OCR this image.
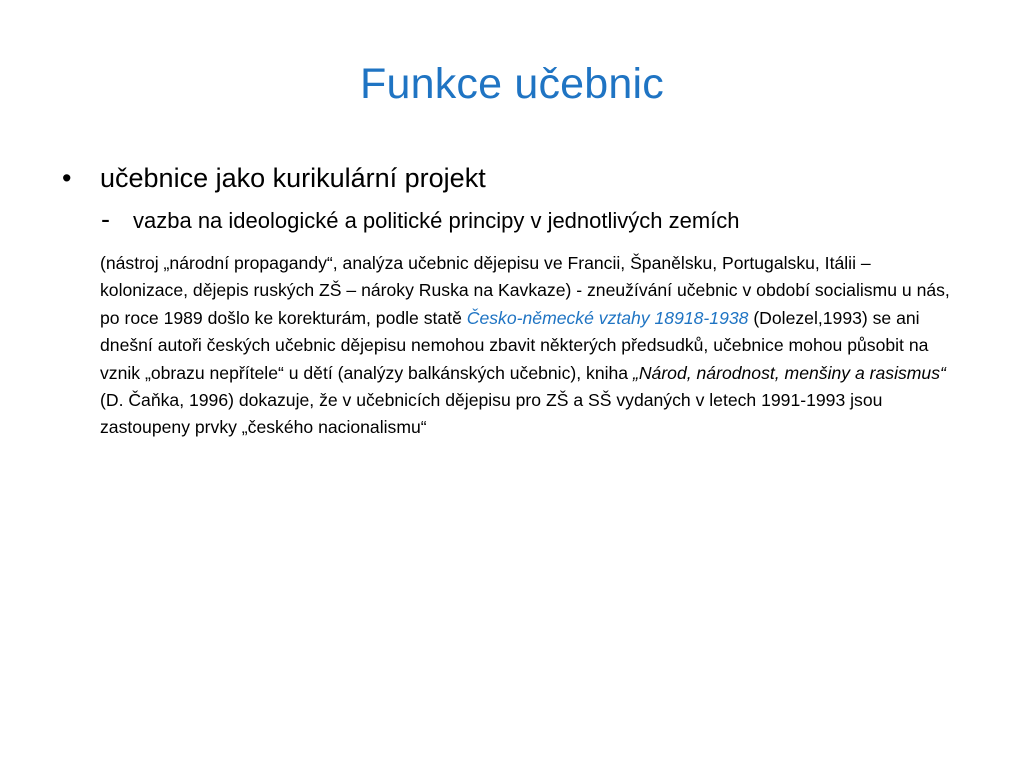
Funkce učebnic
• učebnice jako kurikulární projekt
- vazba na ideologické a politické principy v jednotlivých zemích
(nástroj „národní propagandy“, analýza učebnic dějepisu ve Francii, Španělsku, Portugalsku, Itálii – kolonizace, dějepis ruských ZŠ – nároky Ruska na Kavkaze) - zneužívání učebnic v období socialismu u nás, po roce 1989 došlo ke korekturám, podle statě Česko-německé vztahy 18918-1938 (Dolezel,1993) se ani dnešní autoři českých učebnic dějepisu nemohou zbavit některých předsudků, učebnice mohou působit na vznik „obrazu nepřítele“ u dětí (analýzy balkánských učebnic), kniha „Národ, národnost, menšiny a rasismus“ (D. Čaňka, 1996) dokazuje, že v učebnicích dějepisu pro ZŠ a SŠ vydaných v letech 1991-1993 jsou zastoupeny prvky „českého nacionalismu“
